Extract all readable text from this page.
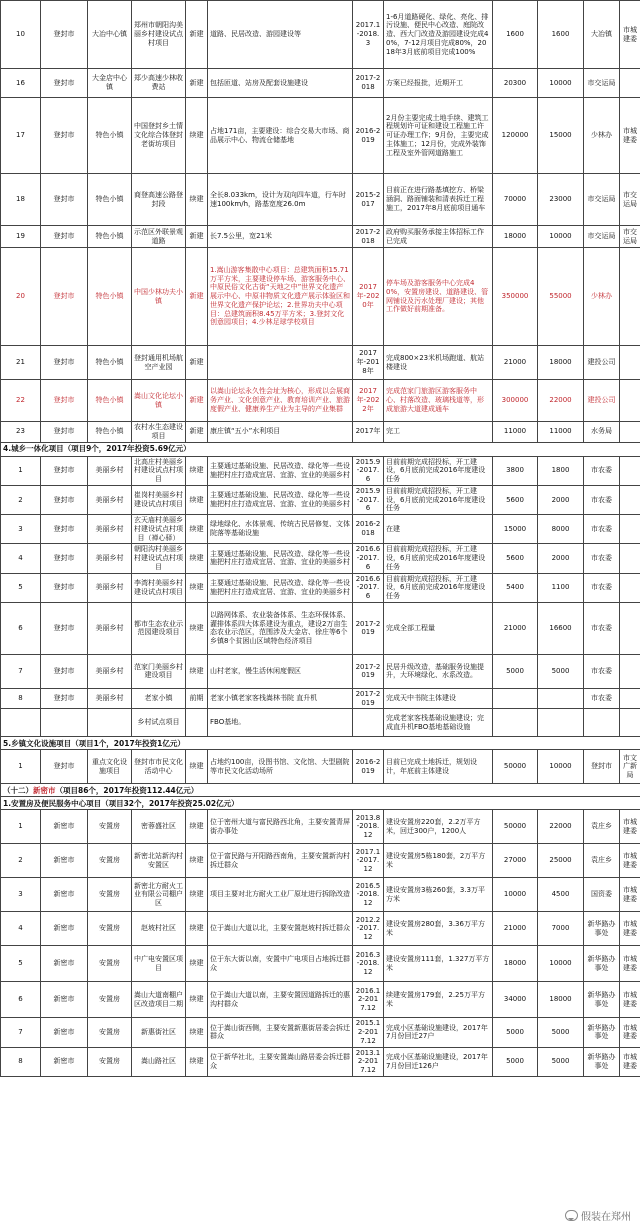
10	登封市	大冶中心镇	郑州市朝阳沟美丽乡村建设试点村项目	新建	道路、民居改造、游园建设等	2017.1-2018.3	1-6月道路硬化、绿化、亮化、排污设施、便民中心改造、庭院改造、西大门改造及游园建设完成40%，7-12月项目完成80%，2018年3月底前项目完成100%	1600	1600	大冶镇	市城建委
16	登封市	大金店中心镇	郑少高速少林收费站	新建	包括匝道、站房及配套设施建设	2017-2018	方案已经报批，近期开工	20300	10000	市交运局	
17	登封市	特色小镇	中国登封乡土情文化综合体登封老街坊项目	续建	占地171亩，主要建设：综合交易大市场、商品展示中心、物流仓储基地	2016-2019	2月份主要完成土地手续、建筑工程规划许可证和建设工程施工许可证办理工作；9月份，主要完成主体施工；12月份，完成外装饰工程及室外管网道路施工	120000	15000	少林办	市城建委
18	登封市	特色小镇	商登高速公路登封段	续建	全长8.033km，设计为双向四车道，行车时速100km/h，路基宽度26.0m	2015-2017	目前正在进行路基填挖方、桥梁涵洞、路面铺装和清表拆迁工程施工，2017年8月底前项目通车	70000	23000	市交运局	市交运局
19	登封市	特色小镇	示范区外联景观道路	新建	长7.5公里，宽21米	2017-2018	政府购买服务承接主体招标工作已完成	18000	10000	市交运局	市交运局
20	登封市	特色小镇	中国少林功夫小镇	新建	1.嵩山游客集散中心项目：总建筑面积15.71万平方米，主要建设停车场、游客服务中心、中原民俗文化古街“天地之中”世界文化遗产展示中心、中原非物质文化遗产展示体验区和世界文化遗产保护论坛；2.世界功夫中心项目：总建筑面积8.45万平方米；3.登封文化创意园项目；4.少林足球学校项目	2017年-2020年	停车场及游客服务中心完成40%，安置房建设、道路建设、管网铺设及污水处理厂建设；其他工作做好前期准备。	350000	55000	少林办	
21	登封市	特色小镇	登封通用机场航空产业园	新建		2017年-2018年	完成800×23米机场跑道、航站楼建设	21000	18000	建投公司	
22	登封市	特色小镇	嵩山文化论坛小镇	新建	以嵩山论坛永久性会址为核心，形成以会展商务产业、文化创意产业、教育培训产业、旅游度假产业、健康养生产业为主导的产业集群	2017年-2022年	完成范家门旅游区游客服务中心、村落改造、玻璃栈道等，形成旅游大道建成通车	300000	22000	建投公司	
23	登封市	特色小镇	农村水生态建设项目	新建	康庄镇“五小”水利项目	2017年	完工	11000	11000	水务局	
4.城乡一体化项目（项目9个，2017年投资5.69亿元）											
1	登封市	美丽乡村	北高庄村美丽乡村建设试点村项目	续建	主要通过基础设施、民居改造、绿化等一些设施把村庄打造成宜居、宜游、宜业的美丽乡村	2015.9-2017.6	目前前期完成招投标，开工建设，6月底前完成2016年度建设任务	3800	1800	市农委	
2	登封市	美丽乡村	崔岗村美丽乡村建设试点村项目	续建	主要通过基础设施、民居改造、绿化等一些设施把村庄打造成宜居、宜游、宜业的美丽乡村	2015.9-2017.6	目前前期完成招投标，开工建设，6月底前完成2016年度建设任务	5600	2000	市农委	
3	登封市	美丽乡村	玄天庙村美丽乡村建设试点村项目（禅心驿）	续建	绿地绿化、水体景观、传统古民居修复、文体院落等基础设施	2016-2018	在建	15000	8000	市农委	
4	登封市	美丽乡村	朝阳沟村美丽乡村建设试点村项目	续建	主要通过基础设施、民居改造、绿化等一些设施把村庄打造成宜居、宜游、宜业的美丽乡村	2016.6-2017.6	目前前期完成招投标，开工建设，6月底前完成2016年度建设任务	5600	2000	市农委	
5	登封市	美丽乡村	李湾村美丽乡村建设试点村项目	续建	主要通过基础设施、民居改造、绿化等一些设施把村庄打造成宜居、宜游、宜业的美丽乡村	2016.6-2017.6	目前前期完成招投标，开工建设，6月底前完成2016年度建设任务	5400	1100	市农委	
6	登封市	美丽乡村	都市生态农业示范园建设项目	续建	以路网体系、农业装备体系、生态环保体系、灌排体系四大体系建设为重点，建设2万亩生态农业示范区，范围涉及大金店、徐庄等6个乡镇8个贫困山区域特色经济项目	2017-2019	完成全部工程量	21000	16600	市农委	
7	登封市	美丽乡村	范家门美丽乡村建设项目	续建	山村老家，慢生活休闲度假区	2017-2019	民居升级改造，基础服务设施提升，大环境绿化、水系改造。	5000	5000	市农委	
8	登封市	美丽乡村	老家小镇	前期	老家小镇老家客栈嵩林书院 直升机	2017-2019	完成天中书院主体建设			市农委	
			乡村试点项目		FBO基地。		完成老家客栈基础设施建设；完成直升机FBO基地基础设施				
5.乡镇文化设施项目（项目1个，2017年投资1亿元）											
1	登封市	重点文化设施项目	登封市市民文化活动中心	续建	占地约100亩，设图书馆、文化馆、大型剧院等市民文化活动场所	2016-2019	目前已完成土地拆迁，规划设计，年底前主体建设	50000	10000	登封市	市文广新局
（十二）新密市（项目86个，2017年投资112.44亿元）											
1.安置房及便民服务中心项目（项目32个，2017年投资25.02亿元）											
1	新密市	安置房	密蓉盛社区	续建	位于密州大道与富民路西北角，主要安置青屏街办事处	2013.8-2018.12	建设安置房220套，2.2万平方米，回迁300户，1200人	50000	22000	袁庄乡	市城建委
2	新密市	安置房	新密北站新沟村安置区	续建	位于富民路与开阳路西南角，主要安置新沟村拆迁群众	2017.1-2017.12	建设安置房5栋180套，2万平方米	27000	25000	袁庄乡	市城建委
3	新密市	安置房	新密北方耐火工业有限公司棚户区	续建	项目主要对北方耐火工业厂原址进行拆除改造	2016.5-2018.12	建设安置房3栋260套，3.3万平方米	10000	4500	国资委	市城建委
4	新密市	安置房	赵坡村社区	续建	位于嵩山大道以北，主要安置赵坡村拆迁群众	2012.2-2017.12	建设安置房280套，3.36万平方米	21000	7000	新华路办事处	市城建委
5	新密市	安置房	中广电安置区项目	续建	位于东大街以南，安置中广电项目占地拆迁群众	2016.3-2018.12	建设安置房111套，1.327万平方米	18000	10000	新华路办事处	市城建委
6	新密市	安置房	嵩山大道南棚户区改造项目二期	续建	位于嵩山大道以南，主要安置因道路拆迁的惠沟村群众	2016.12-2017.12	续建安置房179套，2.25万平方米	34000	18000	新华路办事处	市城建委
7	新密市	安置房	新惠街社区	续建	位于嵩山街西侧，主要安置新惠街居委会拆迁群众	2015.12-2017.12	完成小区基础设施建设，2017年7月份回迁27户	5000	5000	新华路办事处	市城建委
8	新密市	安置房	嵩山路社区	续建	位于新华社北，主要安置嵩山路居委会拆迁群众	2013.12-2017.12	完成小区基础设施建设，2017年7月份回迁126户	5000	5000	新华路办事处	市城建委
假装在郑州
